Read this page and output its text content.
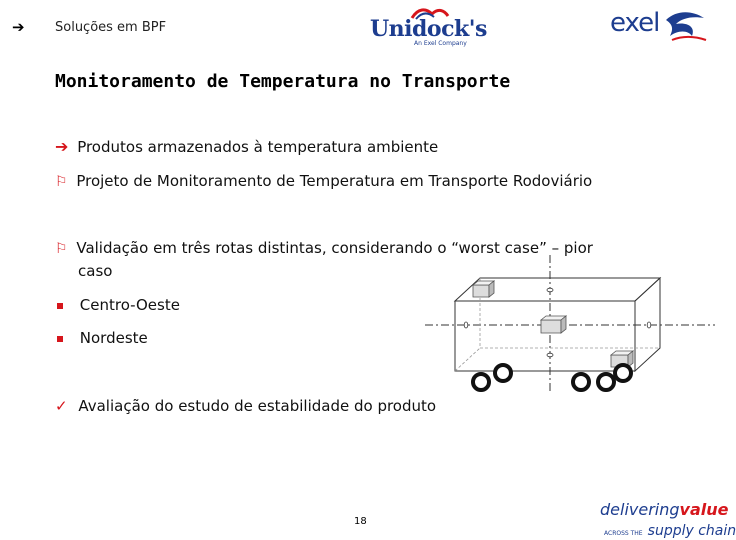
➔ Soluções em BPF	Unidock's
An Exel Company
exel
Monitoramento de Temperatura no Transporte
➔ Produtos armazenados à temperatura ambiente
⚐ Projeto de Monitoramento de Temperatura em Transporte Rodoviário
⚐ Validação em três rotas distintas, considerando o “worst case” – pior
caso
Centro-Oeste
Nordeste
✓ Avaliação do estudo de estabilidade do produto
18
deliveringvalue
ACROSS THE supply chain
